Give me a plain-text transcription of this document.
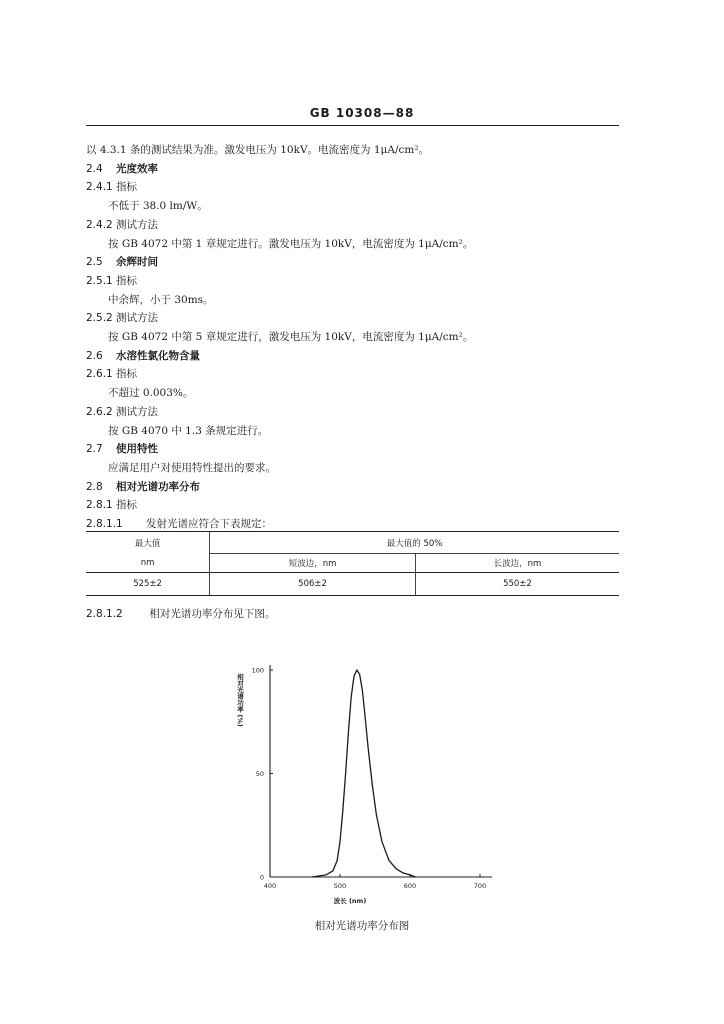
GB 10308—88
以 4.3.1 条的测试结果为准。激发电压为 10kV。电流密度为 1μA/cm²。
2.4 光度效率
2.4.1 指标
不低于 38.0 lm/W。
2.4.2 测试方法
按 GB 4072 中第 1 章规定进行。激发电压为 10kV，电流密度为 1μA/cm²。
2.5 余辉时间
2.5.1 指标
中余辉，小于 30ms。
2.5.2 测试方法
按 GB 4072 中第 5 章规定进行，激发电压为 10kV，电流密度为 1μA/cm²。
2.6 水溶性氯化物含量
2.6.1 指标
不超过 0.003%。
2.6.2 测试方法
按 GB 4070 中 1.3 条规定进行。
2.7 使用特性
应满足用户对使用特性提出的要求。
2.8 相对光谱功率分布
2.8.1 指标
2.8.1.1 发射光谱应符合下表规定：
最大值	最大值的 50%	
nm	短波边，nm	长波边，nm
525±2	506±2	550±2
2.8.1.2	相对光谱功率分布见下图。
0
50
100
400	500	600	700
波长 (nm)
相对光谱功率 (%)
相对光谱功率分布图
